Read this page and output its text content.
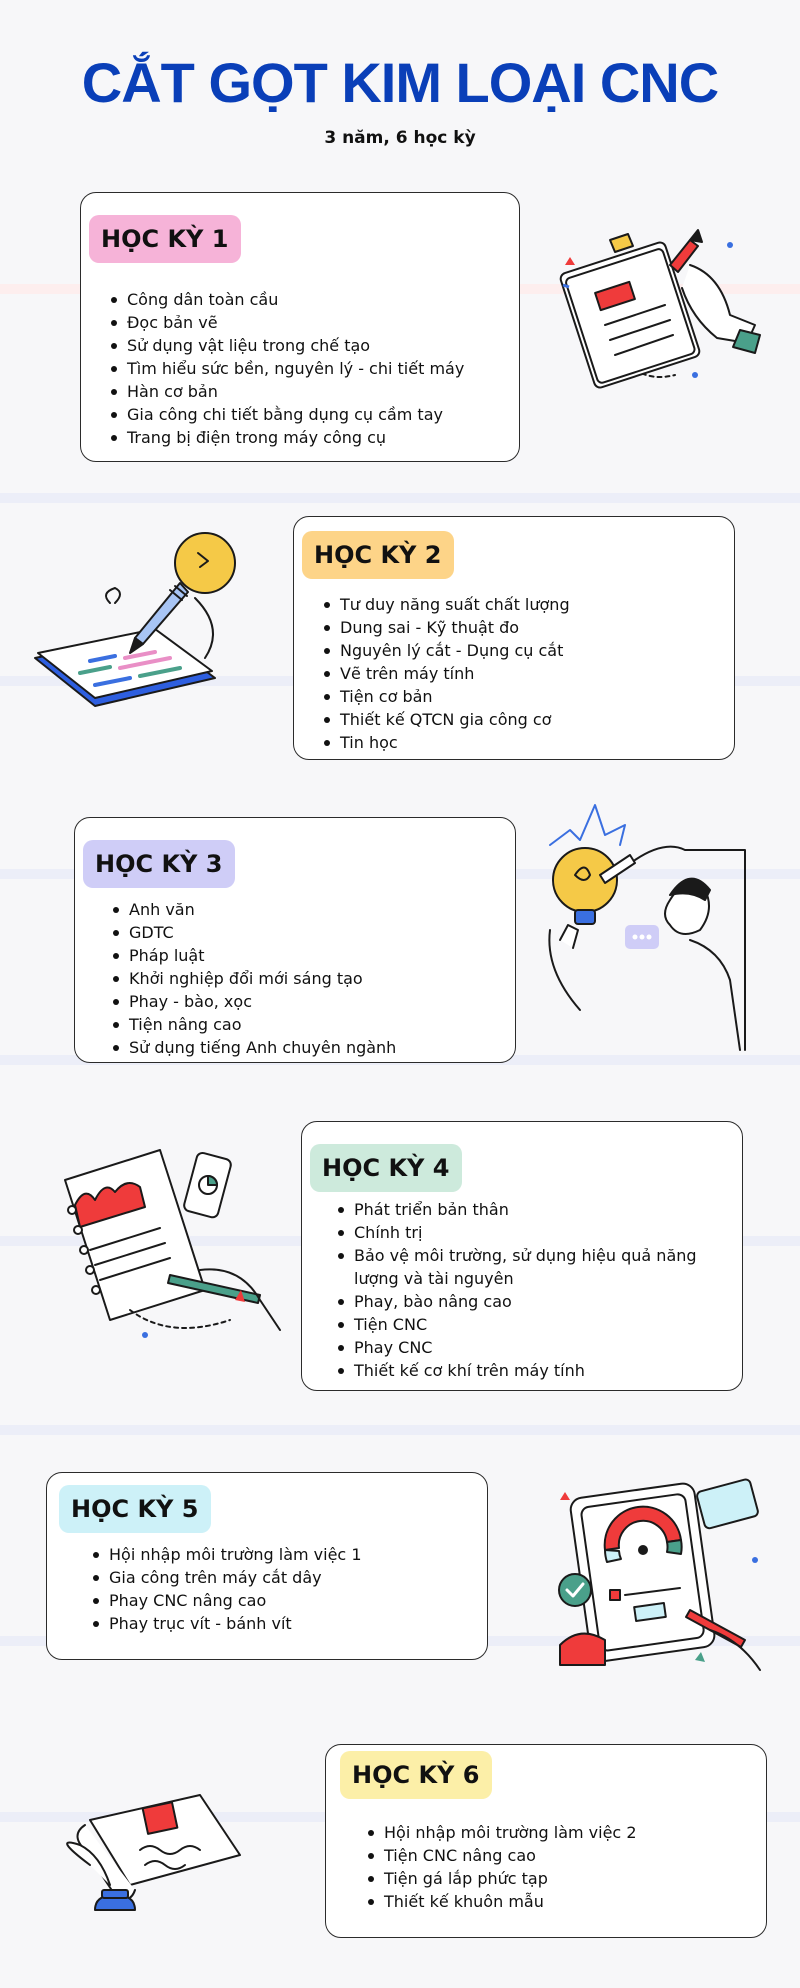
CẮT GỌT KIM LOẠI CNC

3 năm, 6 học kỳ

HỌC KỲ 1
Công dân toàn cầu
Đọc bản vẽ
Sử dụng vật liệu trong chế tạo
Tìm hiểu sức bền, nguyên lý - chi tiết máy
Hàn cơ bản
Gia công chi tiết bằng dụng cụ cầm tay
Trang bị điện trong máy công cụ
HỌC KỲ 2
Tư duy năng suất chất lượng
Dung sai - Kỹ thuật đo
Nguyên lý cắt - Dụng cụ cắt
Vẽ trên máy tính
Tiện cơ bản
Thiết kế QTCN gia công cơ
Tin học
HỌC KỲ 3
Anh văn
GDTC
Pháp luật
Khởi nghiệp đổi mới sáng tạo
Phay - bào, xọc
Tiện nâng cao
Sử dụng tiếng Anh chuyên ngành
HỌC KỲ 4
Phát triển bản thân
Chính trị
Bảo vệ môi trường, sử dụng hiệu quả năng lượng và tài nguyên
Phay, bào nâng cao
Tiện CNC
Phay CNC
Thiết kế cơ khí trên máy tính
HỌC KỲ 5
Hội nhập môi trường làm việc 1
Gia công trên máy cắt dây
Phay CNC nâng cao
Phay trục vít - bánh vít
HỌC KỲ 6
Hội nhập môi trường làm việc 2
Tiện CNC nâng cao
Tiện gá lắp phức tạp
Thiết kế khuôn mẫu
